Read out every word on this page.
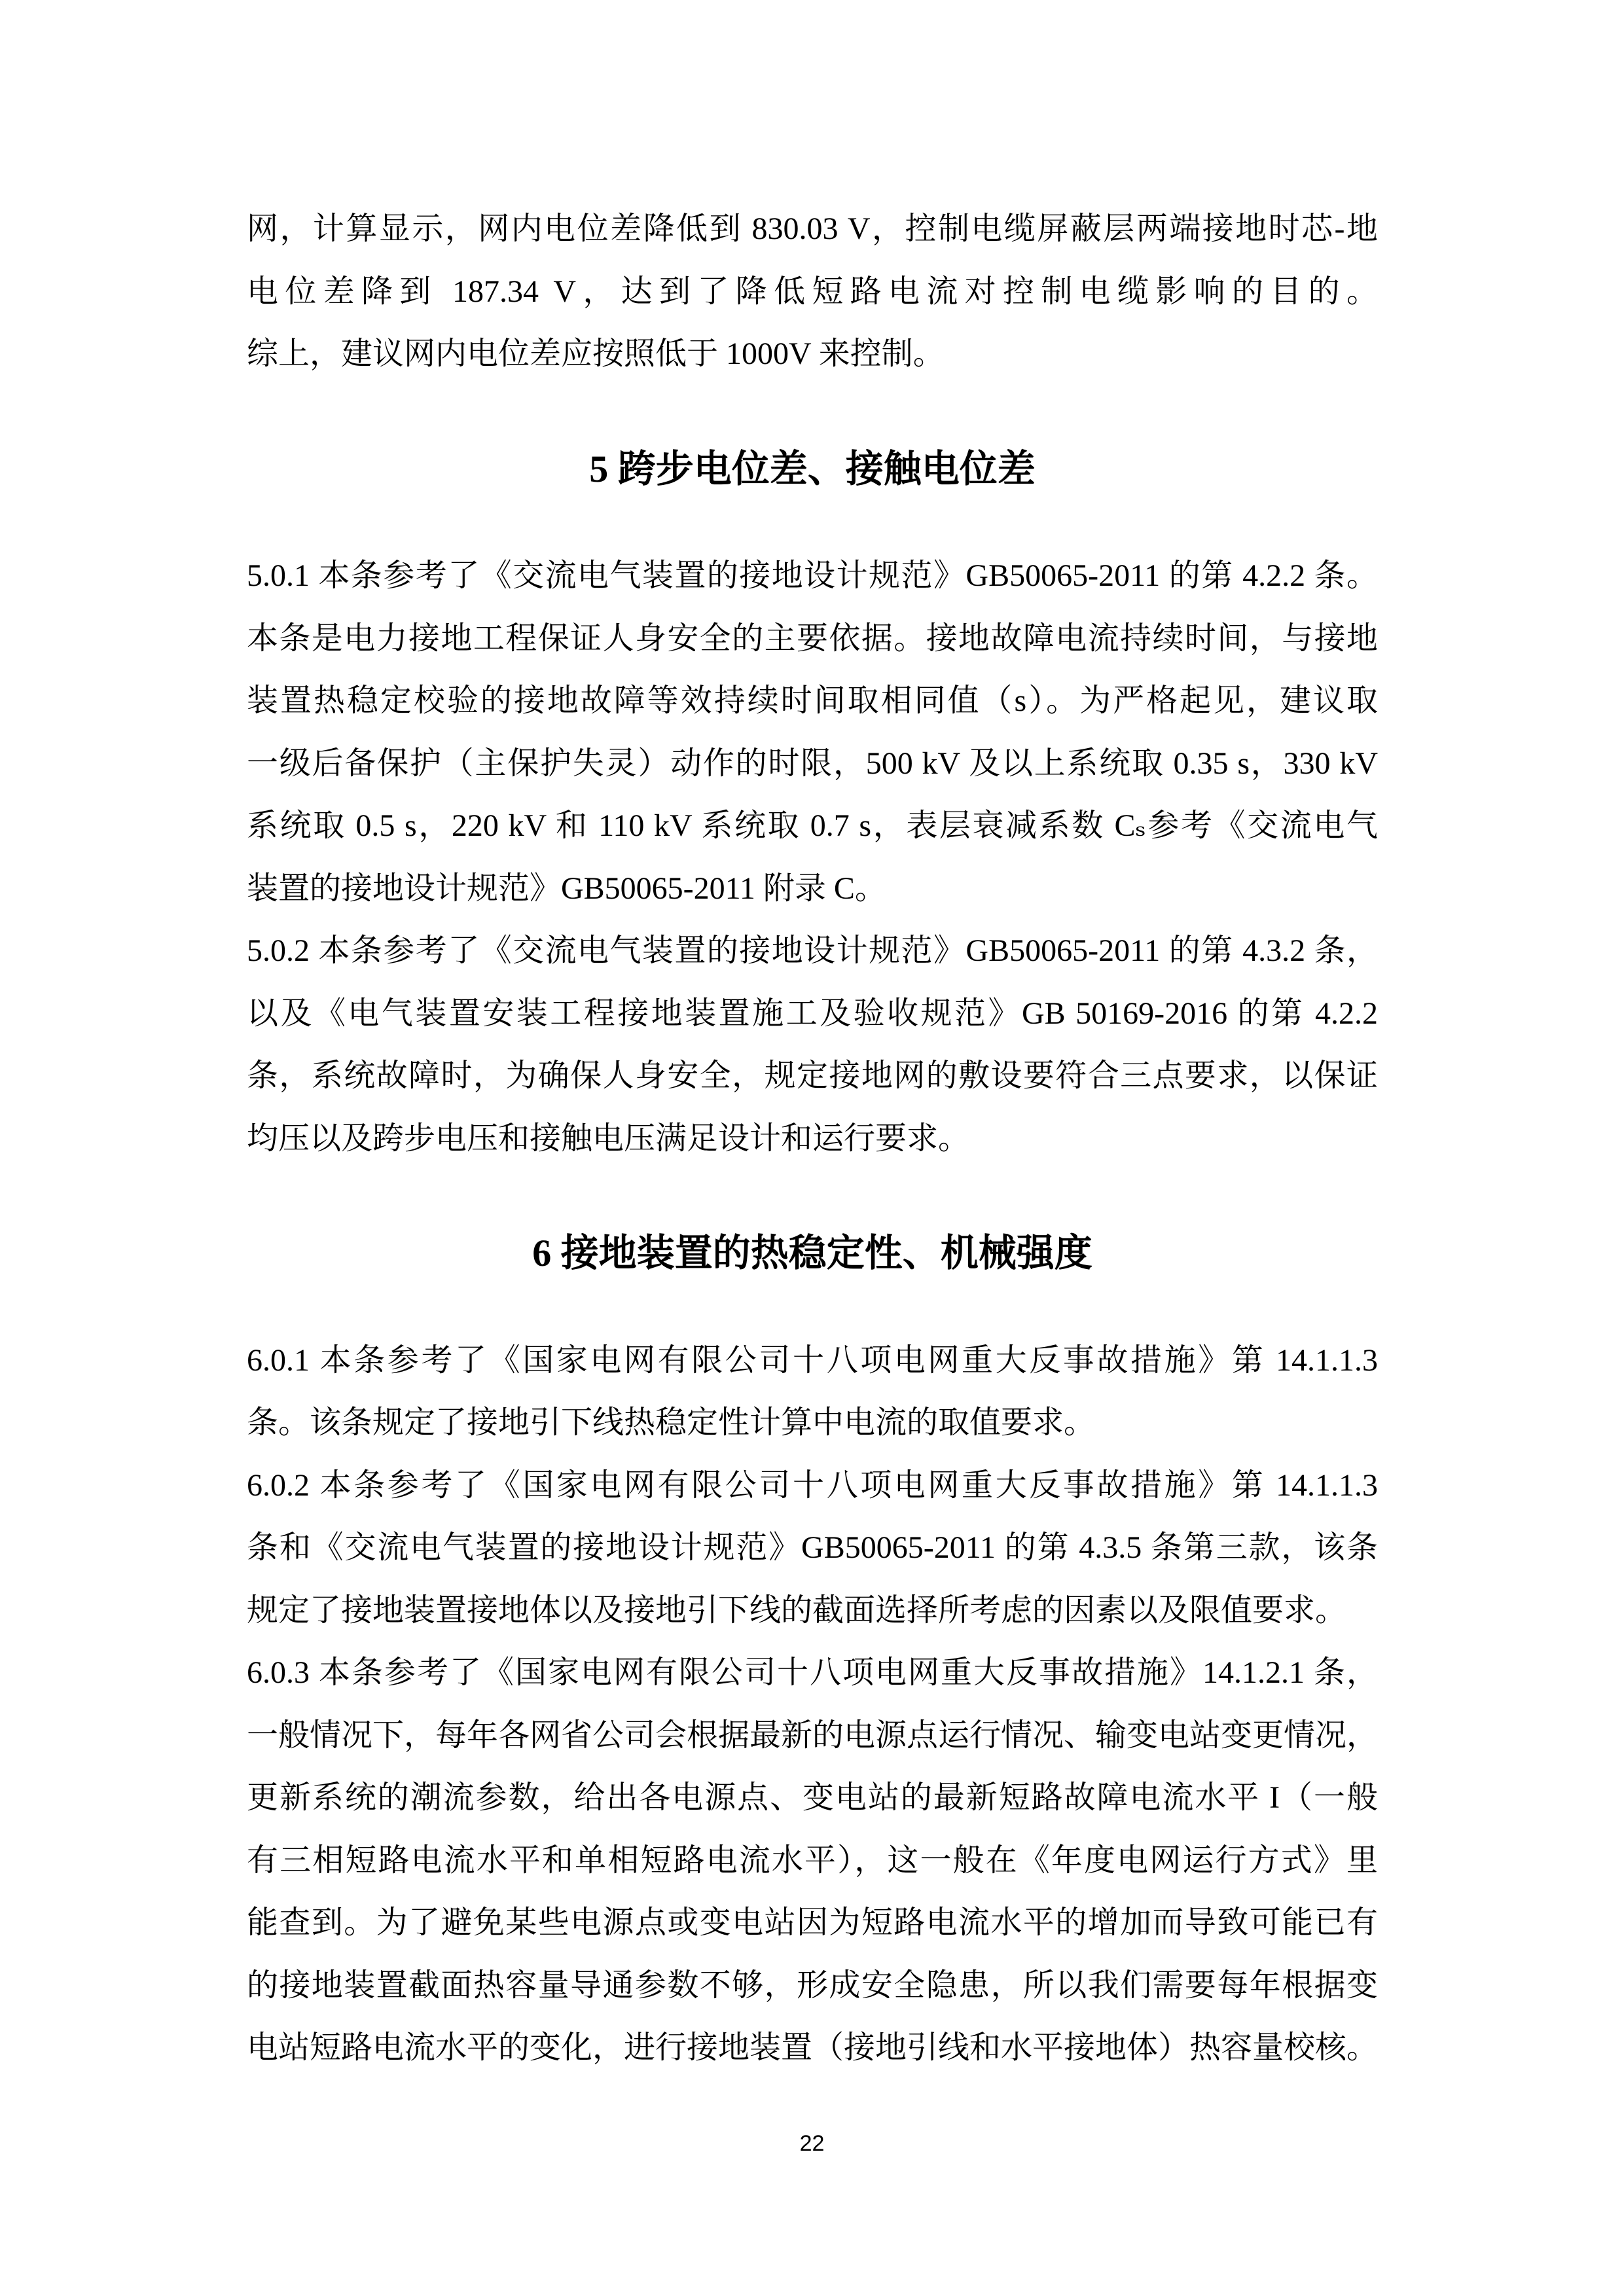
网，计算显示，网内电位差降低到 830.03 V，控制电缆屏蔽层两端接地时芯-地
电位差降到 187.34 V，达到了降低短路电流对控制电缆影响的目的。
综上，建议网内电位差应按照低于 1000V 来控制。
5 跨步电位差、接触电位差
5.0.1 本条参考了《交流电气装置的接地设计规范》GB50065-2011 的第 4.2.2 条。
本条是电力接地工程保证人身安全的主要依据。接地故障电流持续时间，与接地
装置热稳定校验的接地故障等效持续时间取相同值（s）。为严格起见，建议取
一级后备保护（主保护失灵）动作的时限，500 kV 及以上系统取 0.35 s，330 kV
系统取 0.5 s，220 kV 和 110 kV 系统取 0.7 s，表层衰减系数 Cₛ参考《交流电气
装置的接地设计规范》GB50065-2011 附录 C。
5.0.2 本条参考了《交流电气装置的接地设计规范》GB50065-2011 的第 4.3.2 条，
以及《电气装置安装工程接地装置施工及验收规范》GB 50169-2016 的第 4.2.2
条，系统故障时，为确保人身安全，规定接地网的敷设要符合三点要求，以保证
均压以及跨步电压和接触电压满足设计和运行要求。
6 接地装置的热稳定性、机械强度
6.0.1 本条参考了《国家电网有限公司十八项电网重大反事故措施》第 14.1.1.3
条。该条规定了接地引下线热稳定性计算中电流的取值要求。
6.0.2 本条参考了《国家电网有限公司十八项电网重大反事故措施》第 14.1.1.3
条和《交流电气装置的接地设计规范》GB50065-2011 的第 4.3.5 条第三款，该条
规定了接地装置接地体以及接地引下线的截面选择所考虑的因素以及限值要求。
6.0.3 本条参考了《国家电网有限公司十八项电网重大反事故措施》14.1.2.1 条，
一般情况下，每年各网省公司会根据最新的电源点运行情况、输变电站变更情况，
更新系统的潮流参数，给出各电源点、变电站的最新短路故障电流水平 I（一般
有三相短路电流水平和单相短路电流水平），这一般在《年度电网运行方式》里
能查到。为了避免某些电源点或变电站因为短路电流水平的增加而导致可能已有
的接地装置截面热容量导通参数不够，形成安全隐患，所以我们需要每年根据变
电站短路电流水平的变化，进行接地装置（接地引线和水平接地体）热容量校核。
22
